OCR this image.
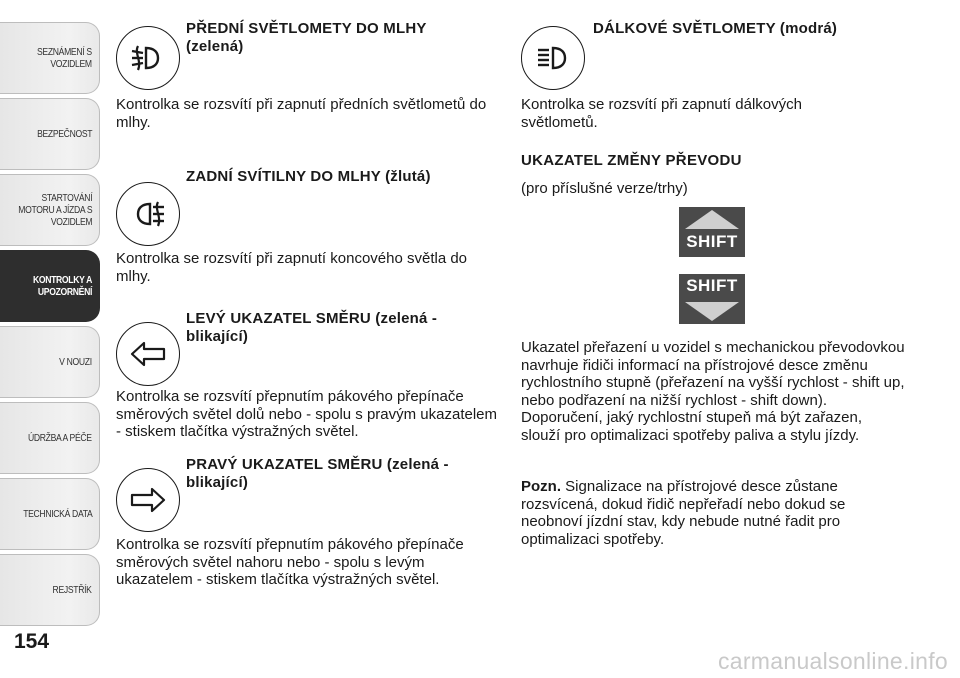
SEZNÁMENÍ S
VOZIDLEM
BEZPEČNOST
STARTOVÁNÍ
MOTORU A JÍZDA S
VOZIDLEM
KONTROLKY A
UPOZORNĚNÍ
V NOUZI
ÚDRŽBA A PÉČE
TECHNICKÁ DATA
REJSTŘÍK
154

PŘEDNÍ SVĚTLOMETY DO MLHY
(zelená)

Kontrolka se rozsvítí při zapnutí předních světlometů do mlhy.

ZADNÍ SVÍTILNY DO MLHY (žlutá)

Kontrolka se rozsvítí při zapnutí koncového světla do mlhy.

LEVÝ UKAZATEL SMĚRU (zelená - blikající)

Kontrolka se rozsvítí přepnutím pákového přepínače směrových světel dolů nebo - spolu s pravým ukazatelem - stiskem tlačítka výstražných světel.

PRAVÝ UKAZATEL SMĚRU (zelená - blikající)

Kontrolka se rozsvítí přepnutím pákového přepínače směrových světel nahoru nebo - spolu s levým ukazatelem - stiskem tlačítka výstražných světel.

DÁLKOVÉ SVĚTLOMETY (modrá)

Kontrolka se rozsvítí při zapnutí dálkových světlometů.

UKAZATEL ZMĚNY PŘEVODU

(pro příslušné verze/trhy)

SHIFT
SHIFT

Ukazatel přeřazení u vozidel s mechanickou převodovkou navrhuje řidiči informací na přístrojové desce změnu rychlostního stupně (přeřazení na vyšší rychlost - shift up, nebo podřazení na nižší rychlost - shift down). Doporučení, jaký rychlostní stupeň má být zařazen, slouží pro optimalizaci spotřeby paliva a stylu jízdy.

Pozn. Signalizace na přístrojové desce zůstane rozsvícená, dokud řidič nepřeřadí nebo dokud se neobnoví jízdní stav, kdy nebude nutné řadit pro optimalizaci spotřeby.

carmanualsonline.info
